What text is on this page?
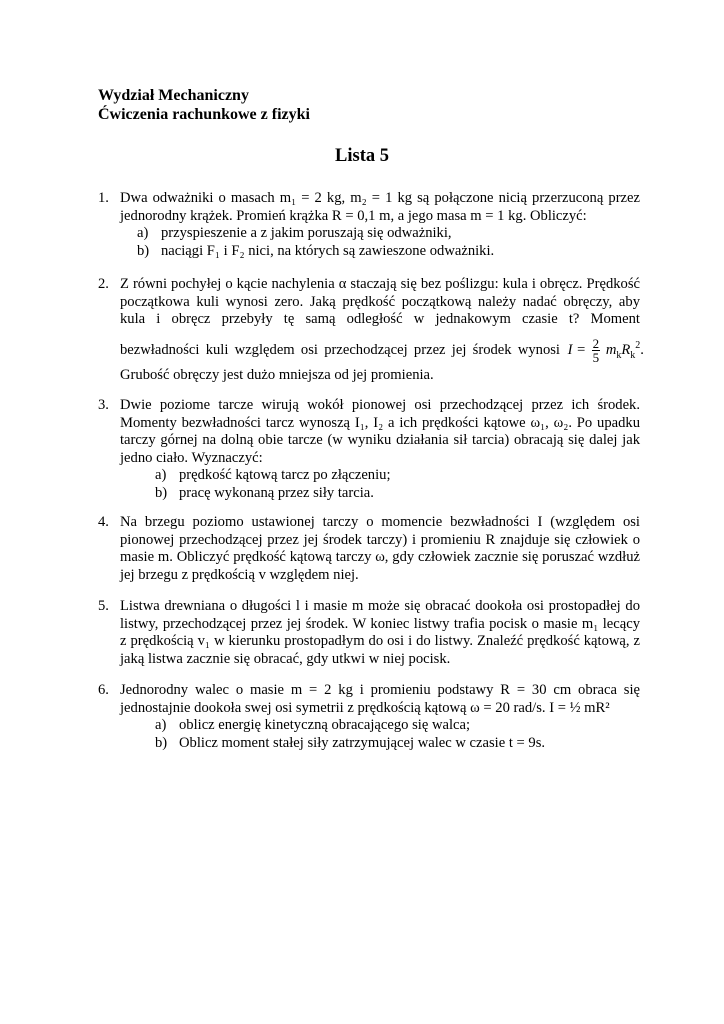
Wydział Mechaniczny
Ćwiczenia rachunkowe z fizyki
Lista 5
1. Dwa odważniki o masach m₁ = 2 kg, m₂ = 1 kg są połączone nicią przerzuconą przez
jednorodny krążek. Promień krążka R = 0,1 m, a jego masa m = 1 kg. Obliczyć:
a) przyspieszenie a z jakim poruszają się odważniki,
b) naciągi F₁ i F₂ nici, na których są zawieszone odważniki.
2. Z równi pochyłej o kącie nachylenia α staczają się bez poślizgu: kula i obręcz. Prędkość
początkowa kuli wynosi zero. Jaką prędkość początkową należy nadać obręczy, aby
kula i obręcz przebyły tę samą odległość w jednakowym czasie t? Moment
bezwładności kuli względem osi przechodzącej przez jej środek wynosi $I = \frac{2}{5} m_kR_k^2$.
Grubość obręczy jest dużo mniejsza od jej promienia.
3. Dwie poziome tarcze wirują wokół pionowej osi przechodzącej przez ich środek.
Momenty bezwładności tarcz wynoszą I₁, I₂ a ich prędkości kątowe ω₁, ω₂. Po upadku
tarczy górnej na dolną obie tarcze (w wyniku działania sił tarcia) obracają się dalej jak
jedno ciało. Wyznaczyć:
a) prędkość kątową tarcz po złączeniu;
b) pracę wykonaną przez siły tarcia.
4. Na brzegu poziomo ustawionej tarczy o momencie bezwładności I (względem osi
pionowej przechodzącej przez jej środek tarczy) i promieniu R znajduje się człowiek o
masie m. Obliczyć prędkość kątową tarczy ω, gdy człowiek zacznie się poruszać wzdłuż
jej brzegu z prędkością v względem niej.
5. Listwa drewniana o długości l i masie m może się obracać dookoła osi prostopadłej do
listwy, przechodzącej przez jej środek. W koniec listwy trafia pocisk o masie m₁ lecący
z prędkością v₁ w kierunku prostopadłym do osi i do listwy. Znaleźć prędkość kątową, z
jaką listwa zacznie się obracać, gdy utkwi w niej pocisk.
6. Jednorodny walec o masie m = 2 kg i promieniu podstawy R = 30 cm obraca się
jednostajnie dookoła swej osi symetrii z prędkością kątową ω = 20 rad/s. I = ½ mR²
a) oblicz energię kinetyczną obracającego się walca;
b) Oblicz moment stałej siły zatrzymującej walec w czasie t = 9s.
